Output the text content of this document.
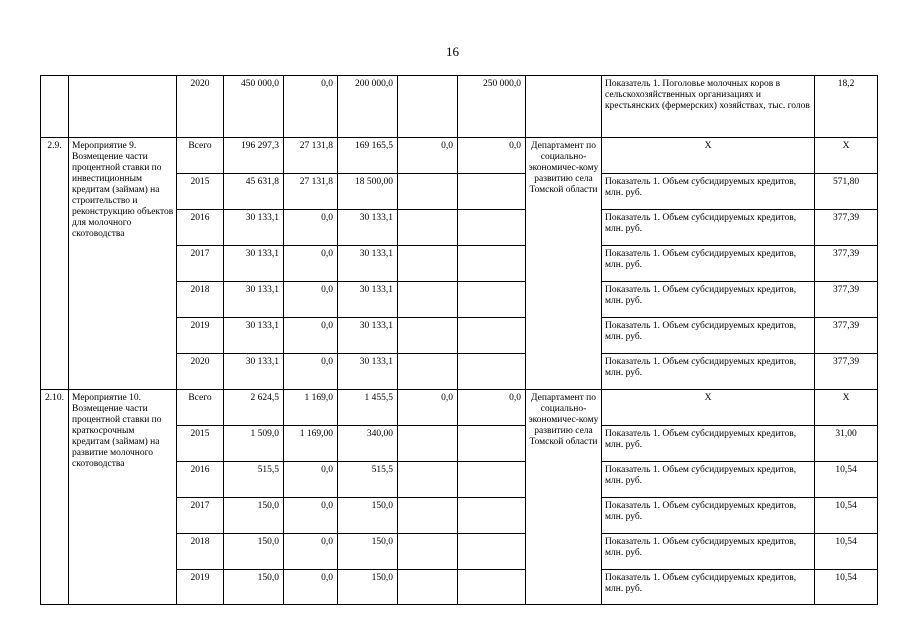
16
		2020	450 000,0	0,0	200 000,0		250 000,0		Показатель 1. Поголовье молочных коров в сельскохозяйственных организациях и крестьянских (фермерских) хозяйствах, тыс. голов	18,2
2.9.	Мероприятие 9. Возмещение части процентной ставки по инвестиционным кредитам (займам) на строительство и реконструкцию объектов для молочного скотоводства	Всего	196 297,3	27 131,8	169 165,5	0,0	0,0	Департамент по социально-экономичес-кому развитию села Томской области	Х	Х
		2015	45 631,8	27 131,8	18 500,00				Показатель 1. Объем субсидируемых кредитов, млн. руб.	571,80
		2016	30 133,1	0,0	30 133,1				Показатель 1. Объем субсидируемых кредитов, млн. руб.	377,39
		2017	30 133,1	0,0	30 133,1				Показатель 1. Объем субсидируемых кредитов, млн. руб.	377,39
		2018	30 133,1	0,0	30 133,1				Показатель 1. Объем субсидируемых кредитов, млн. руб.	377,39
		2019	30 133,1	0,0	30 133,1				Показатель 1. Объем субсидируемых кредитов, млн. руб.	377,39
		2020	30 133,1	0,0	30 133,1				Показатель 1. Объем субсидируемых кредитов, млн. руб.	377,39
2.10.	Мероприятие 10. Возмещение части процентной ставки по краткосрочным кредитам (займам) на развитие молочного скотоводства	Всего	2 624,5	1 169,0	1 455,5	0,0	0,0	Департамент по социально-экономичес-кому развитию села Томской области	Х	Х
		2015	1 509,0	1 169,00	340,00				Показатель 1. Объем субсидируемых кредитов, млн. руб.	31,00
		2016	515,5	0,0	515,5				Показатель 1. Объем субсидируемых кредитов, млн. руб.	10,54
		2017	150,0	0,0	150,0				Показатель 1. Объем субсидируемых кредитов, млн. руб.	10,54
		2018	150,0	0,0	150,0				Показатель 1. Объем субсидируемых кредитов, млн. руб.	10,54
		2019	150,0	0,0	150,0				Показатель 1. Объем субсидируемых кредитов, млн. руб.	10,54
